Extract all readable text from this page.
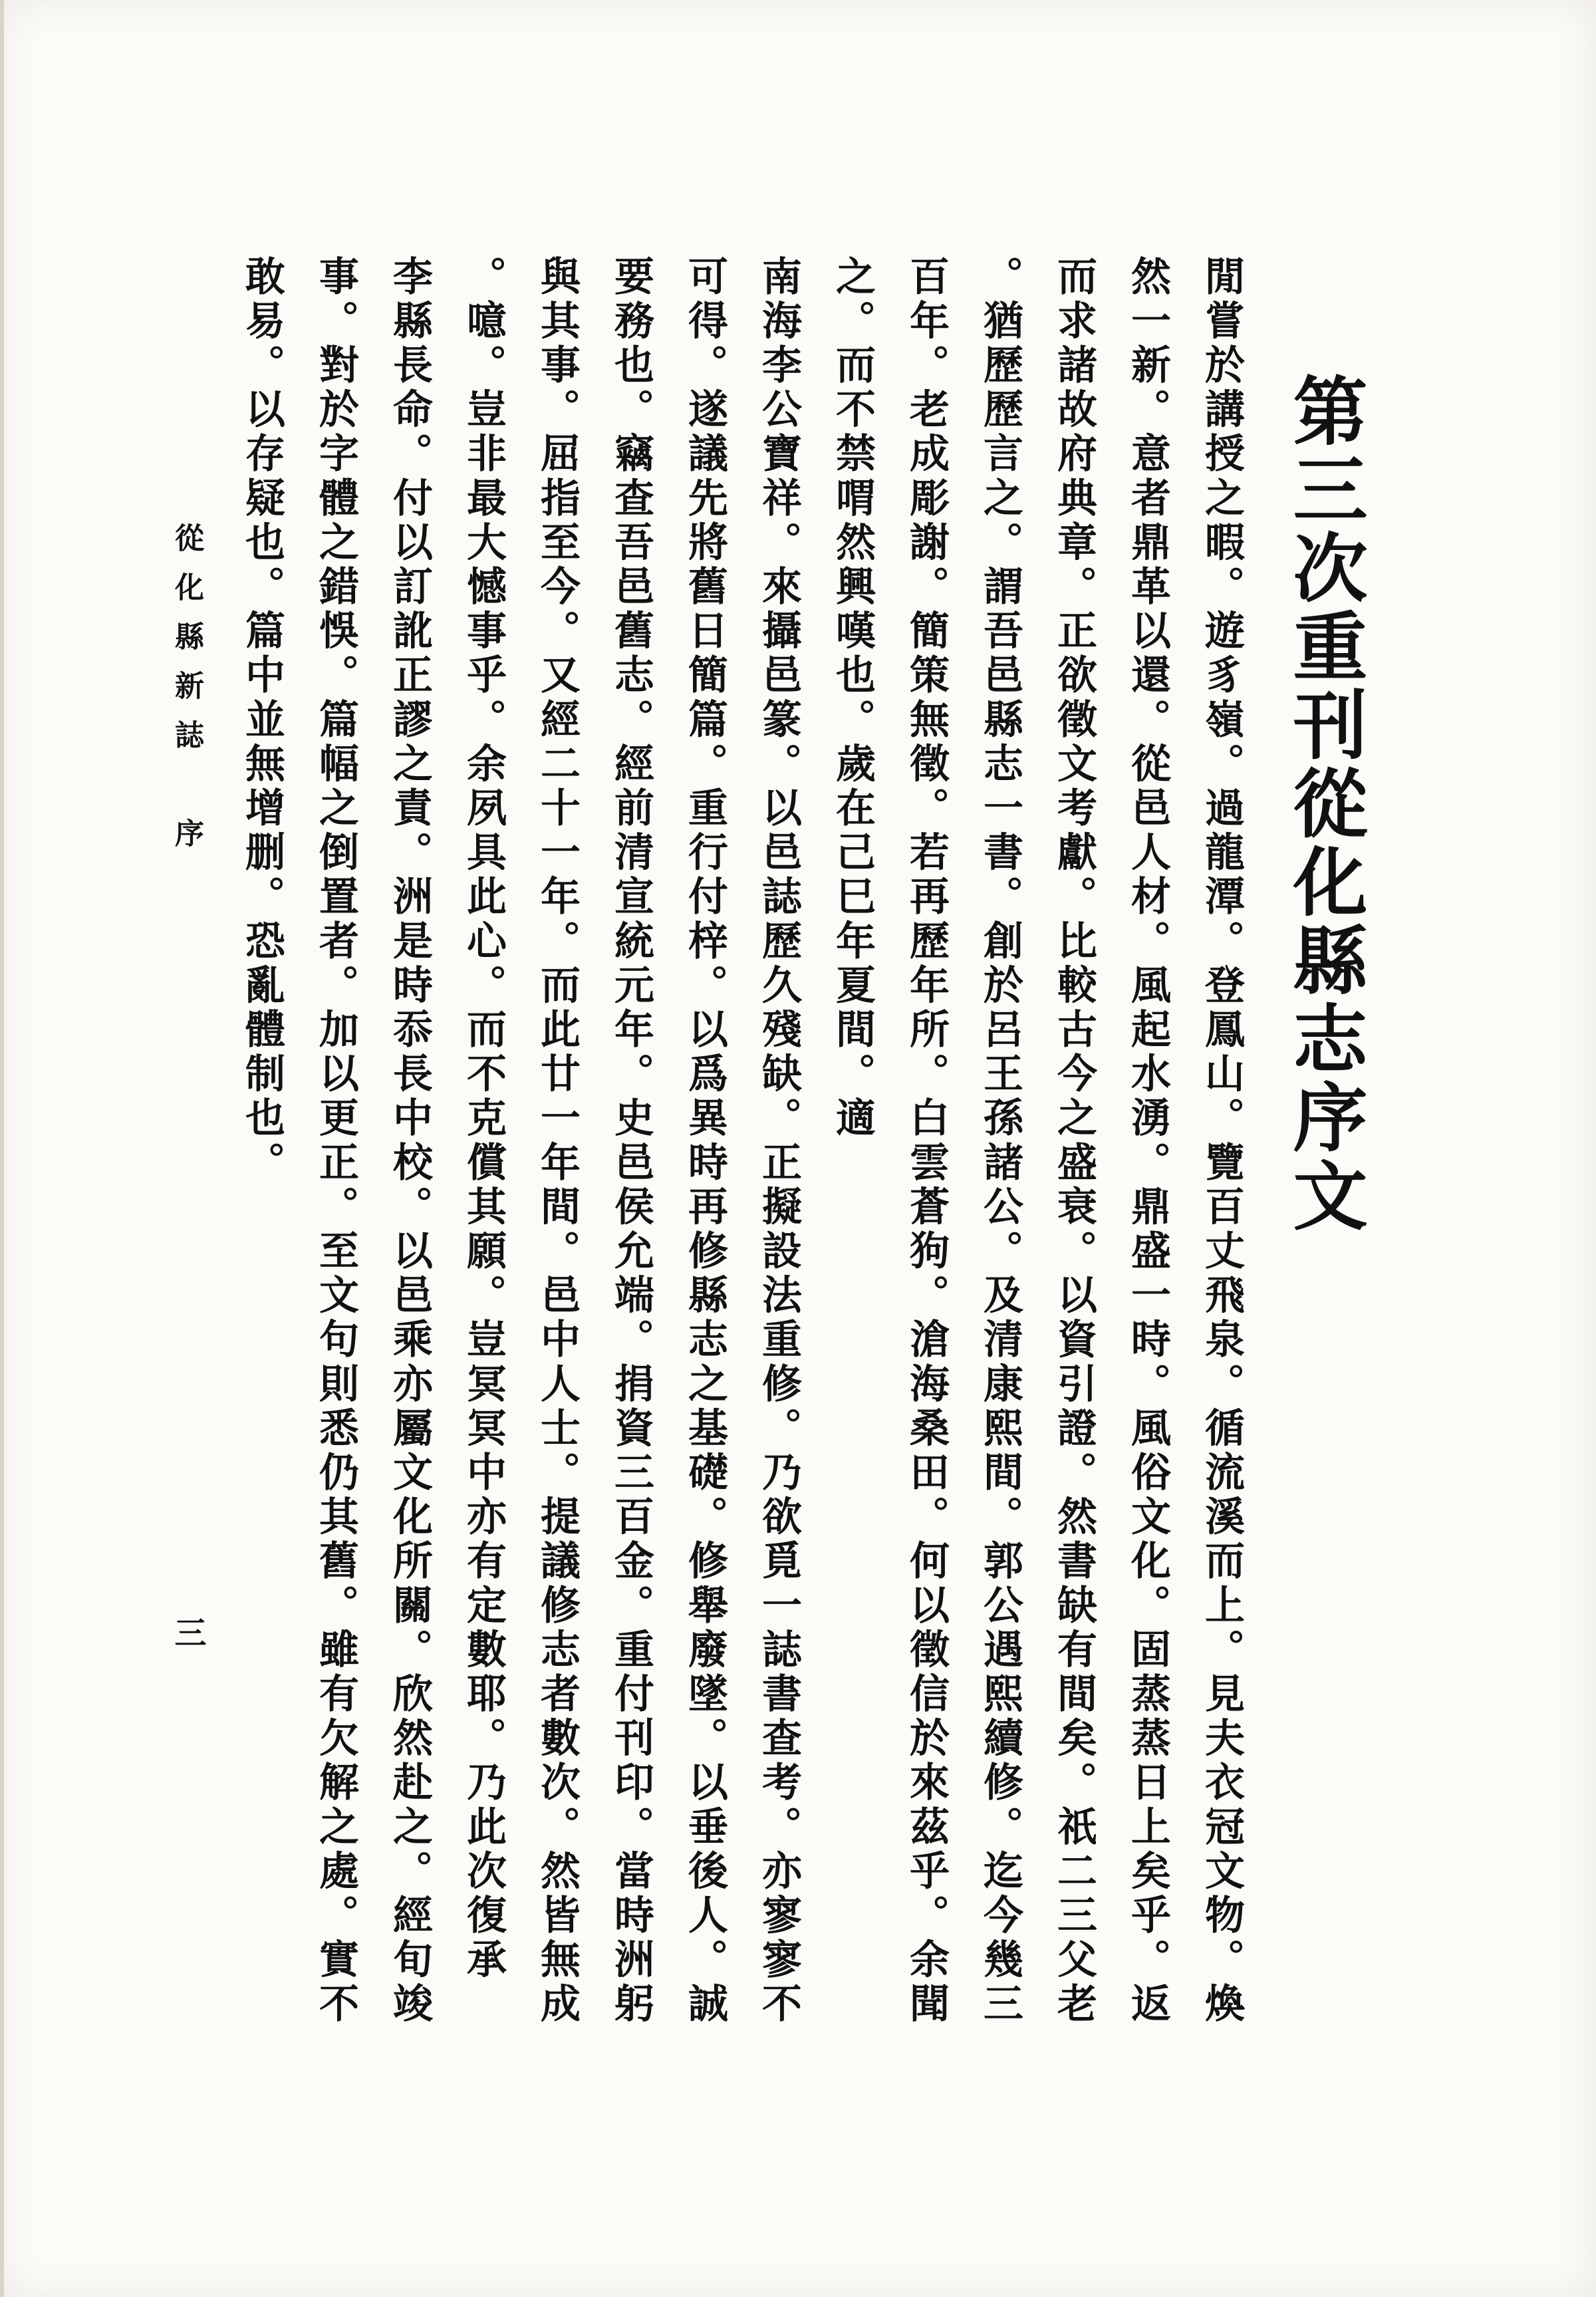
第三次重刊從化縣志序文
閒嘗於講授之暇。遊豸嶺。過龍潭。登鳳山。覽百丈飛泉。循流溪而上。見夫衣冠文物。煥
然一新。意者鼎革以還。從邑人材。風起水湧。鼎盛一時。風俗文化。固蒸蒸日上矣乎。返
而求諸故府典章。正欲徵文考獻。比較古今之盛衰。以資引證。然書缺有間矣。祇二三父老
。猶歷歷言之。謂吾邑縣志一書。創於呂王孫諸公。及清康熙間。郭公遇熙續修。迄今幾三
百年。老成彫謝。簡策無徵。若再歷年所。白雲蒼狗。滄海桑田。何以徵信於來茲乎。余聞
之。而不禁喟然興嘆也。歲在己巳年夏間。適
南海李公寶祥。來攝邑篆。以邑誌歷久殘缺。正擬設法重修。乃欲覓一誌書查考。亦寥寥不
可得。遂議先將舊日簡篇。重行付梓。以爲異時再修縣志之基礎。修舉廢墜。以垂後人。誠
要務也。竊查吾邑舊志。經前清宣統元年。史邑侯允端。捐資三百金。重付刊印。當時洲躬
與其事。屈指至今。又經二十一年。而此廿一年間。邑中人士。提議修志者數次。然皆無成
。噫。豈非最大憾事乎。余夙具此心。而不克償其願。豈冥冥中亦有定數耶。乃此次復承
李縣長命。付以訂訛正謬之責。洲是時忝長中校。以邑乘亦屬文化所關。欣然赴之。經旬竣
事。對於字體之錯悞。篇幅之倒置者。加以更正。至文句則悉仍其舊。雖有欠解之處。實不
敢易。以存疑也。篇中並無增删。恐亂體制也。
從化縣新誌　序
三
